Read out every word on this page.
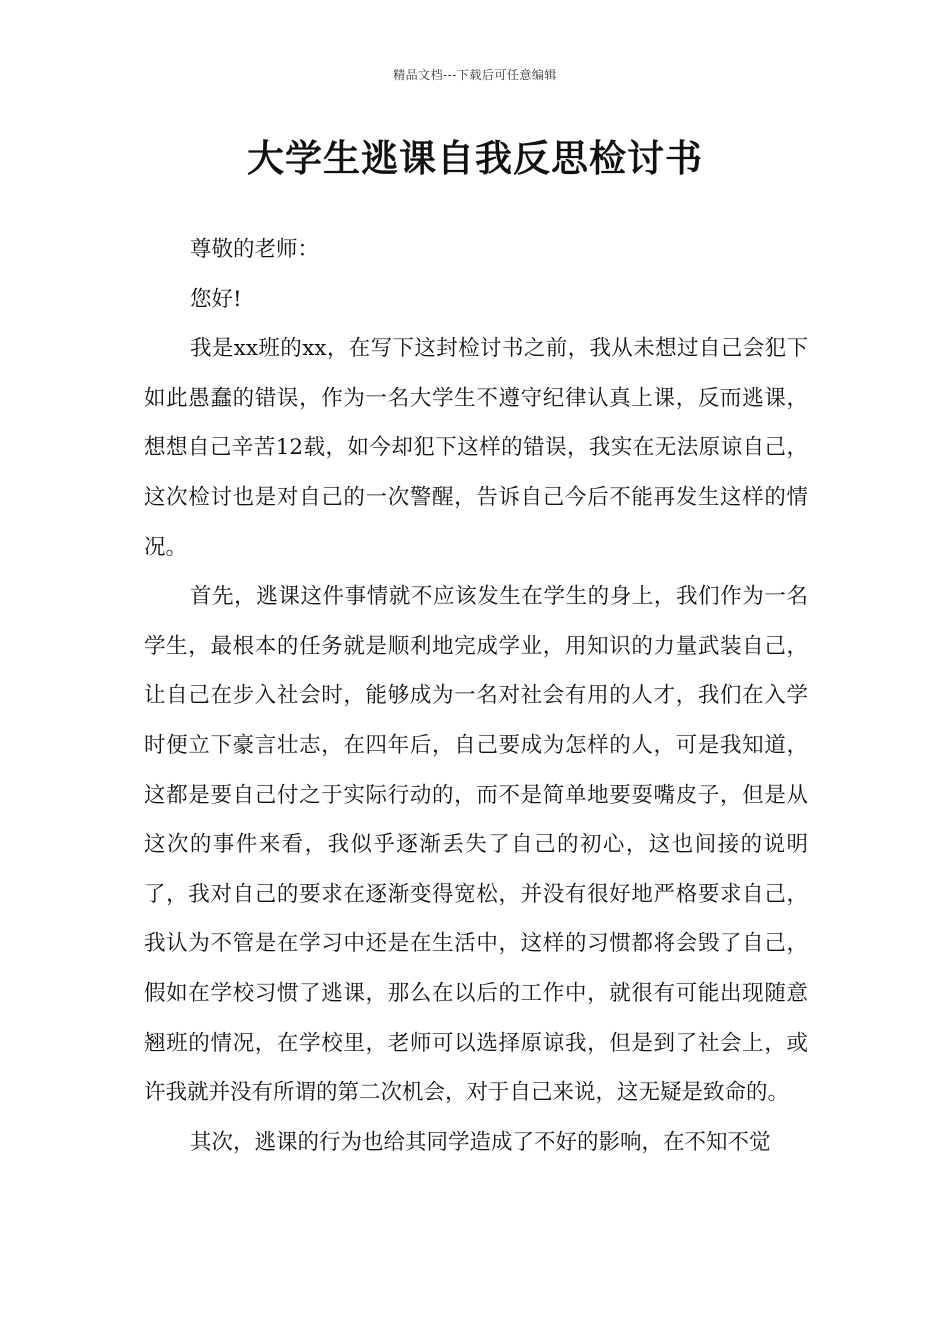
精品文档---下载后可任意编辑
大学生逃课自我反思检讨书

尊敬的老师：

您好!

我是xx班的xx，在写下这封检讨书之前，我从未想过自己会犯下如此愚蠢的错误，作为一名大学生不遵守纪律认真上课，反而逃课，想想自己辛苦12载，如今却犯下这样的错误，我实在无法原谅自己，这次检讨也是对自己的一次警醒，告诉自己今后不能再发生这样的情况。

首先，逃课这件事情就不应该发生在学生的身上，我们作为一名学生，最根本的任务就是顺利地完成学业，用知识的力量武装自己，让自己在步入社会时，能够成为一名对社会有用的人才，我们在入学时便立下豪言壮志，在四年后，自己要成为怎样的人，可是我知道，这都是要自己付之于实际行动的，而不是简单地要耍嘴皮子，但是从这次的事件来看，我似乎逐渐丢失了自己的初心，这也间接的说明了，我对自己的要求在逐渐变得宽松，并没有很好地严格要求自己，我认为不管是在学习中还是在生活中，这样的习惯都将会毁了自己，假如在学校习惯了逃课，那么在以后的工作中，就很有可能出现随意翘班的情况，在学校里，老师可以选择原谅我，但是到了社会上，或许我就并没有所谓的第二次机会，对于自己来说，这无疑是致命的。

其次，逃课的行为也给其同学造成了不好的影响，在不知不觉
